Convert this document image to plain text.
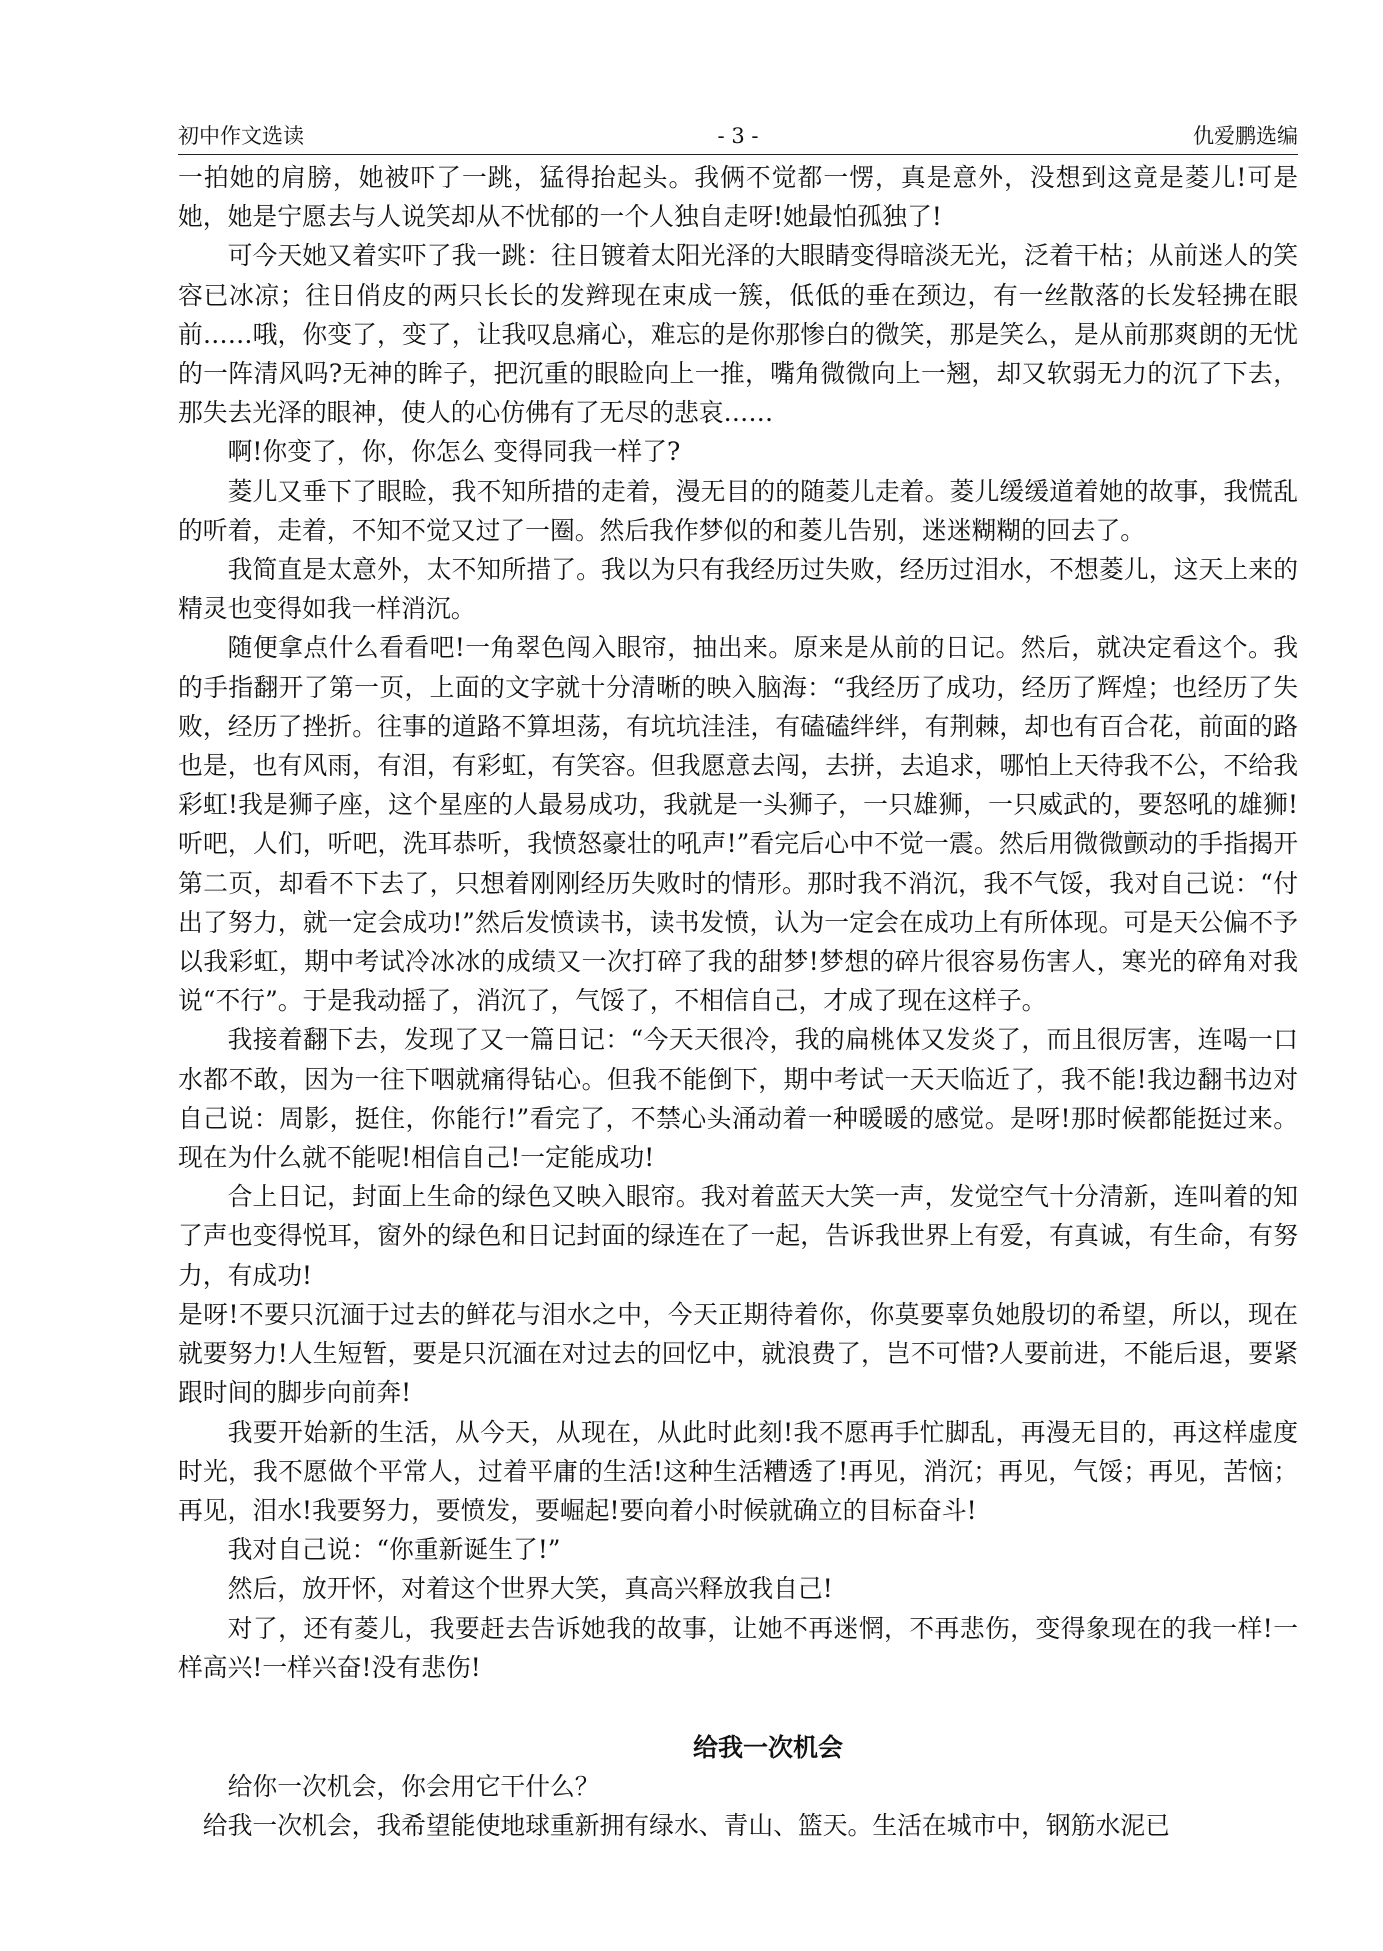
初中作文选读	- 3 -	仇爱鹏选编

一拍她的肩膀，她被吓了一跳，猛得抬起头。我俩不觉都一愣，真是意外，没想到这竟是菱儿!可是她，她是宁愿去与人说笑却从不忧郁的一个人独自走呀!她最怕孤独了!

可今天她又着实吓了我一跳：往日镀着太阳光泽的大眼睛变得暗淡无光，泛着干枯；从前迷人的笑容已冰凉；往日俏皮的两只长长的发辫现在束成一簇，低低的垂在颈边，有一丝散落的长发轻拂在眼前……哦，你变了，变了，让我叹息痛心，难忘的是你那惨白的微笑，那是笑么，是从前那爽朗的无忧的一阵清风吗?无神的眸子，把沉重的眼睑向上一推，嘴角微微向上一翘，却又软弱无力的沉了下去，那失去光泽的眼神，使人的心仿佛有了无尽的悲哀……

啊!你变了，你，你怎么 变得同我一样了?

菱儿又垂下了眼睑，我不知所措的走着，漫无目的的随菱儿走着。菱儿缓缓道着她的故事，我慌乱的听着，走着，不知不觉又过了一圈。然后我作梦似的和菱儿告别，迷迷糊糊的回去了。

我简直是太意外，太不知所措了。我以为只有我经历过失败，经历过泪水，不想菱儿，这天上来的精灵也变得如我一样消沉。

随便拿点什么看看吧!一角翠色闯入眼帘，抽出来。原来是从前的日记。然后，就决定看这个。我的手指翻开了第一页，上面的文字就十分清晰的映入脑海：“我经历了成功，经历了辉煌；也经历了失败，经历了挫折。往事的道路不算坦荡，有坑坑洼洼，有磕磕绊绊，有荆棘，却也有百合花，前面的路也是，也有风雨，有泪，有彩虹，有笑容。但我愿意去闯，去拼，去追求，哪怕上天待我不公，不给我彩虹!我是狮子座，这个星座的人最易成功，我就是一头狮子，一只雄狮，一只威武的，要怒吼的雄狮!听吧，人们，听吧，洗耳恭听，我愤怒豪壮的吼声!”看完后心中不觉一震。然后用微微颤动的手指揭开第二页，却看不下去了，只想着刚刚经历失败时的情形。那时我不消沉，我不气馁，我对自己说：“付出了努力，就一定会成功!”然后发愤读书，读书发愤，认为一定会在成功上有所体现。可是天公偏不予以我彩虹，期中考试冷冰冰的成绩又一次打碎了我的甜梦!梦想的碎片很容易伤害人，寒光的碎角对我说“不行”。于是我动摇了，消沉了，气馁了，不相信自己，才成了现在这样子。

我接着翻下去，发现了又一篇日记：“今天天很冷，我的扁桃体又发炎了，而且很厉害，连喝一口水都不敢，因为一往下咽就痛得钻心。但我不能倒下，期中考试一天天临近了，我不能!我边翻书边对自己说：周影，挺住，你能行!”看完了，不禁心头涌动着一种暖暖的感觉。是呀!那时候都能挺过来。现在为什么就不能呢!相信自己!一定能成功!

合上日记，封面上生命的绿色又映入眼帘。我对着蓝天大笑一声，发觉空气十分清新，连叫着的知了声也变得悦耳，窗外的绿色和日记封面的绿连在了一起，告诉我世界上有爱，有真诚，有生命，有努力，有成功!

是呀!不要只沉湎于过去的鲜花与泪水之中，今天正期待着你，你莫要辜负她殷切的希望，所以，现在就要努力!人生短暂，要是只沉湎在对过去的回忆中，就浪费了，岂不可惜?人要前进，不能后退，要紧跟时间的脚步向前奔!

我要开始新的生活，从今天，从现在，从此时此刻!我不愿再手忙脚乱，再漫无目的，再这样虚度时光，我不愿做个平常人，过着平庸的生活!这种生活糟透了!再见，消沉；再见，气馁；再见，苦恼；再见，泪水!我要努力，要愤发，要崛起!要向着小时候就确立的目标奋斗!

我对自己说：“你重新诞生了!”

然后，放开怀，对着这个世界大笑，真高兴释放我自己!

对了，还有菱儿，我要赶去告诉她我的故事，让她不再迷惘，不再悲伤，变得象现在的我一样!一样高兴!一样兴奋!没有悲伤!

给我一次机会

给你一次机会，你会用它干什么？

给我一次机会，我希望能使地球重新拥有绿水、青山、篮天。生活在城市中，钢筋水泥已
